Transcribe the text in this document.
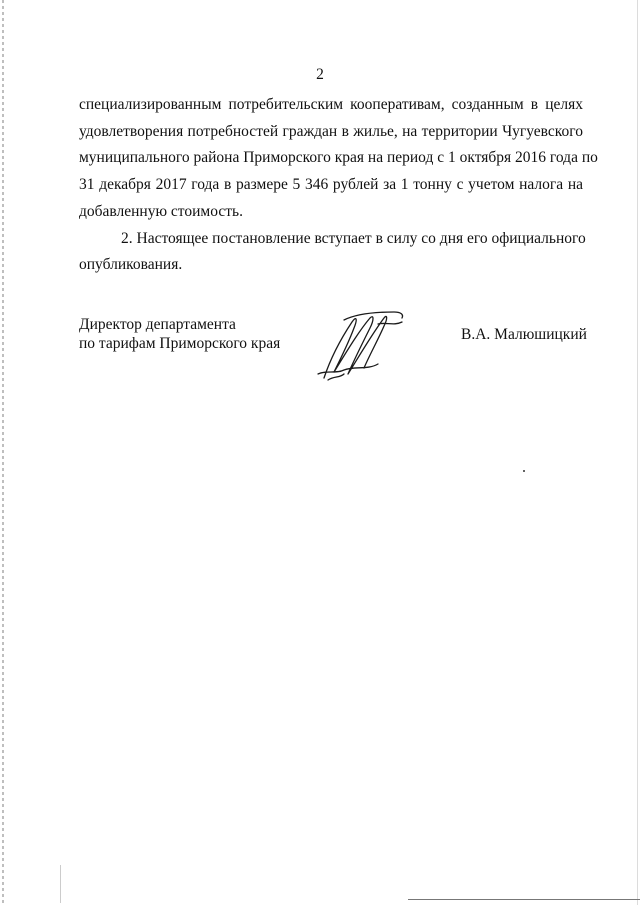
2
специализированным потребительским кооперативам, созданным в целях
удовлетворения потребностей граждан в жилье, на территории Чугуевского
муниципального района Приморского края на период с 1 октября 2016 года по
31 декабря 2017 года в размере 5 346 рублей за 1 тонну с учетом налога на
добавленную стоимость.
2. Настоящее постановление вступает в силу со дня его официального
опубликования.
Директор департамента
по тарифам Приморского края
В.А. Малюшицкий
